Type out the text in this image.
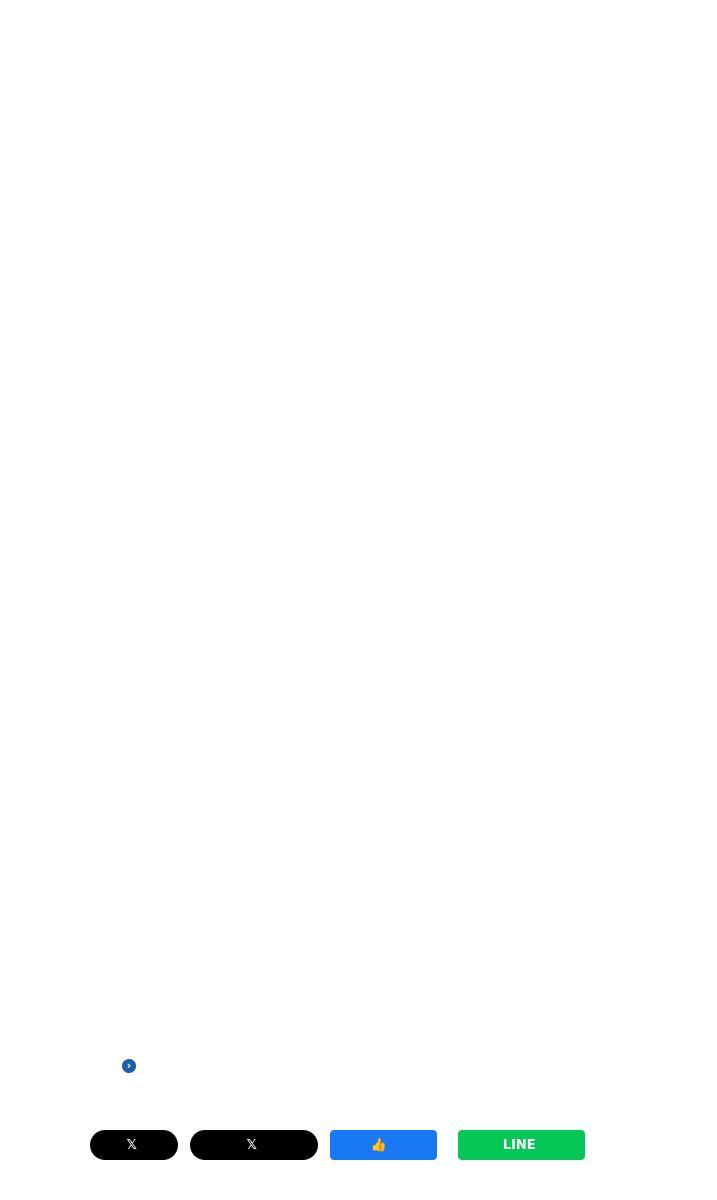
›
𝕏	𝕏	👍
	LINE
